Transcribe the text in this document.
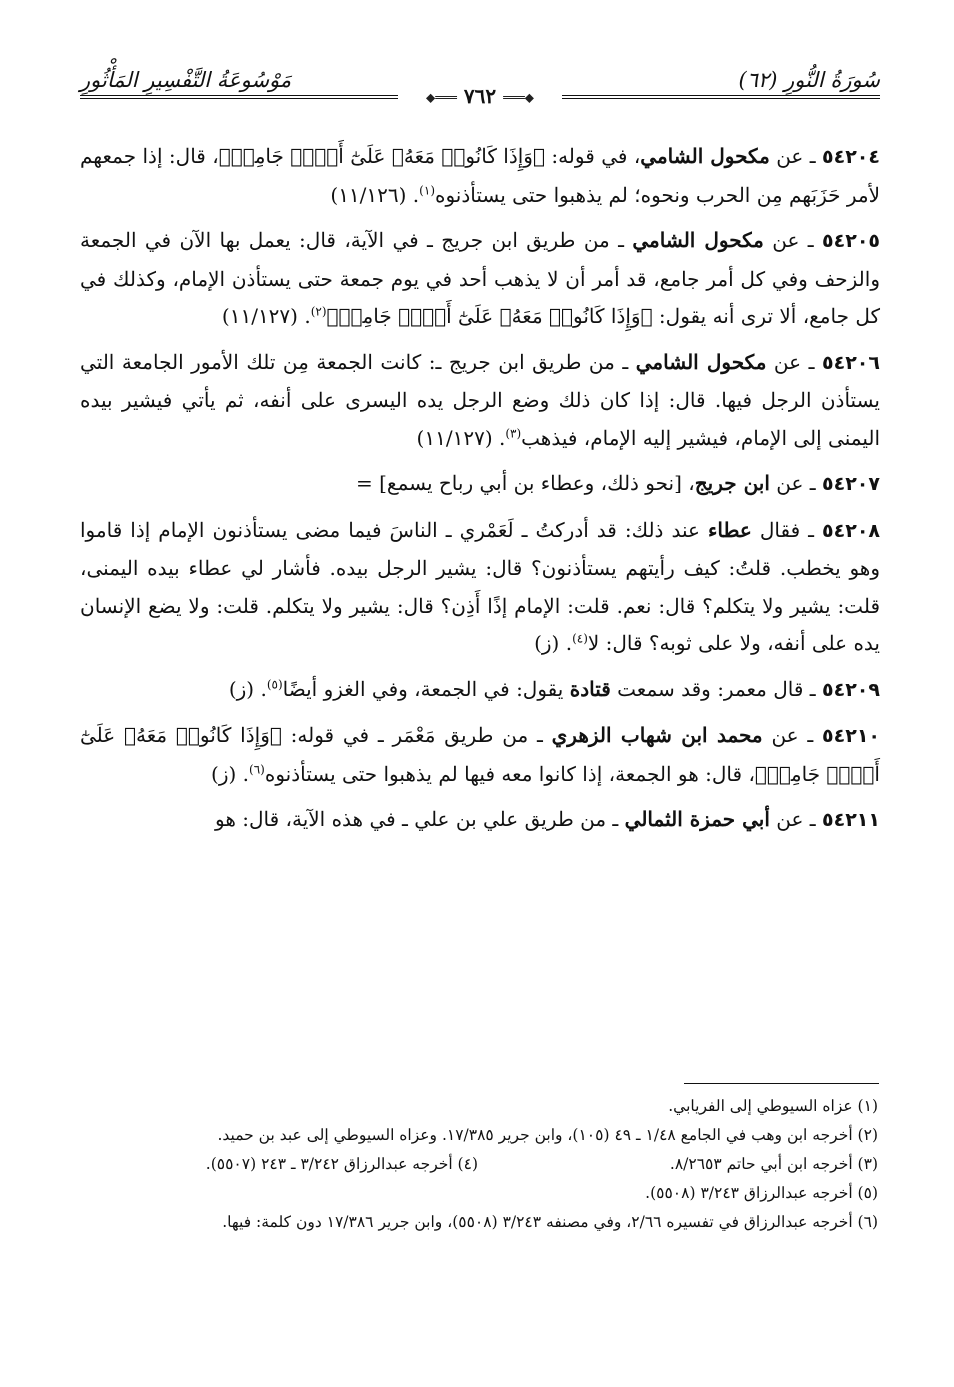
سُورَةُ النُّورِ (٦٢)
مَوْسُوعَةُ التَّفْسِيرِ المَأْثُورِ
◆═══ ٧٦٢ ═══◆

٥٤٢٠٤ ـ عن مكحول الشامي، في قوله: ﴿وَإِذَا كَانُوا۟ مَعَهُۥ عَلَىٰٓ أَمۡرٖ جَامِعٖ﴾، قال: إذا جمعهم لأمر حَزَبَهم مِن الحرب ونحوه؛ لم يذهبوا حتى يستأذنوه$^{(١)}$. (١١/١٢٦)

٥٤٢٠٥ ـ عن مكحول الشامي ـ من طريق ابن جريج ـ في الآية، قال: يعمل بها الآن في الجمعة والزحف وفي كل أمر جامع، قد أمر أن لا يذهب أحد في يوم جمعة حتى يستأذن الإمام، وكذلك في كل جامع، ألا ترى أنه يقول: ﴿وَإِذَا كَانُوا۟ مَعَهُۥ عَلَىٰٓ أَمۡرٖ جَامِعٖ﴾$^{(٢)}$. (١١/١٢٧)

٥٤٢٠٦ ـ عن مكحول الشامي ـ من طريق ابن جريج ـ: كانت الجمعة مِن تلك الأمور الجامعة التي يستأذن الرجل فيها. قال: إذا كان ذلك وضع الرجل يده اليسرى على أنفه، ثم يأتي فيشير بيده اليمنى إلى الإمام، فيشير إليه الإمام، فيذهب$^{(٣)}$. (١١/١٢٧)

٥٤٢٠٧ ـ عن ابن جريج، [نحو ذلك، وعطاء بن أبي رباح يسمع] =

٥٤٢٠٨ ـ فقال عطاء عند ذلك: قد أدركتُ ـ لَعَمْري ـ الناسَ فيما مضى يستأذنون الإمام إذا قاموا وهو يخطب. قلتُ: كيف رأيتهم يستأذنون؟ قال: يشير الرجل بيده. فأشار لي عطاء بيده اليمنى، قلت: يشير ولا يتكلم؟ قال: نعم. قلت: الإمام إذًا أَذِن؟ قال: يشير ولا يتكلم. قلت: ولا يضع الإنسان يده على أنفه، ولا على ثوبه؟ قال: لا$^{(٤)}$. (ز)

٥٤٢٠٩ ـ قال معمر: وقد سمعت قتادة يقول: في الجمعة، وفي الغزو أيضًا$^{(٥)}$. (ز)

٥٤٢١٠ ـ عن محمد ابن شهاب الزهري ـ من طريق مَعْمَر ـ في قوله: ﴿وَإِذَا كَانُوا۟ مَعَهُۥ عَلَىٰٓ أَمۡرٖ جَامِعٖ﴾، قال: هو الجمعة، إذا كانوا معه فيها لم يذهبوا حتى يستأذنوه$^{(٦)}$. (ز)

٥٤٢١١ ـ عن أبي حمزة الثمالي ـ من طريق علي بن علي ـ في هذه الآية، قال: هو

(١) عزاه السيوطي إلى الفريابي.

(٢) أخرجه ابن وهب في الجامع ١/٤٨ ـ ٤٩ (١٠٥)، وابن جرير ١٧/٣٨٥. وعزاه السيوطي إلى عبد بن حميد.

(٣) أخرجه ابن أبي حاتم ٨/٢٦٥٣.

(٤) أخرجه عبدالرزاق ٣/٢٤٢ ـ ٢٤٣ (٥٥٠٧).

(٥) أخرجه عبدالرزاق ٣/٢٤٣ (٥٥٠٨).

(٦) أخرجه عبدالرزاق في تفسيره ٢/٦٦، وفي مصنفه ٣/٢٤٣ (٥٥٠٨)، وابن جرير ١٧/٣٨٦ دون كلمة: فيها.
